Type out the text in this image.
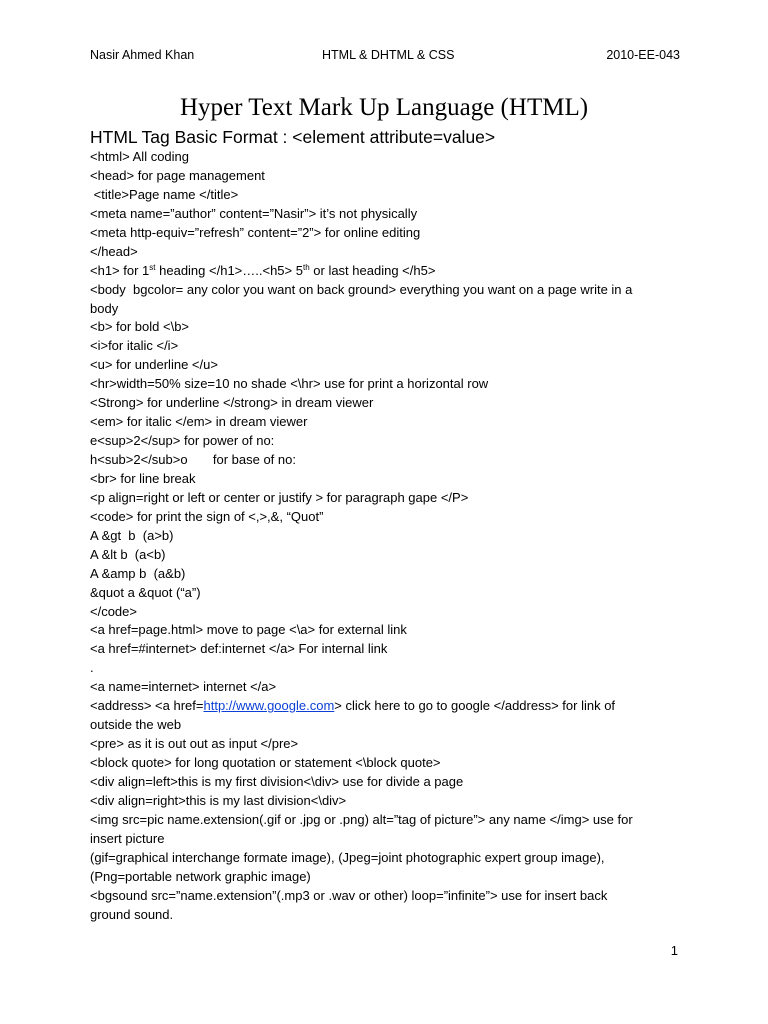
Nasir Ahmed Khan	HTML & DHTML & CSS	2010-EE-043
Hyper Text Mark Up Language (HTML)
HTML Tag Basic Format : <element attribute=value>
<html> All coding
<head> for page management
<title>Page name </title>
<meta name=”author” content=”Nasir”> it’s not physically
<meta http-equiv=”refresh” content=”2”> for online editing
</head>
<h1> for 1st heading </h1>…..<h5> 5th or last heading </h5>
<body  bgcolor= any color you want on back ground> everything you want on a page write in a
body
<b> for bold <\b>
<i>for italic </i>
<u> for underline </u>
<hr>width=50% size=10 no shade <\hr> use for print a horizontal row
<Strong> for underline </strong> in dream viewer
<em> for italic </em> in dream viewer
e<sup>2</sup> for power of no:
h<sub>2</sub>o       for base of no:
<br> for line break
<p align=right or left or center or justify > for paragraph gape </P>
<code> for print the sign of <,>,&, “Quot”
A &gt  b  (a>b)
A &lt b  (a<b)
A &amp b  (a&b)
&quot a &quot (“a”)
</code>
<a href=page.html> move to page <\a> for external link
<a href=#internet> def:internet </a> For internal link
.
<a name=internet> internet </a>
<address> <a href=http://www.google.com> click here to go to google </address> for link of
outside the web
<pre> as it is out out as input </pre>
<block quote> for long quotation or statement <\block quote>
<div align=left>this is my first division<\div> use for divide a page
<div align=right>this is my last division<\div>
<img src=pic name.extension(.gif or .jpg or .png) alt=”tag of picture”> any name </img> use for
insert picture
(gif=graphical interchange formate image), (Jpeg=joint photographic expert group image),
(Png=portable network graphic image)
<bgsound src=”name.extension”(.mp3 or .wav or other) loop=”infinite”> use for insert back
ground sound.
1
